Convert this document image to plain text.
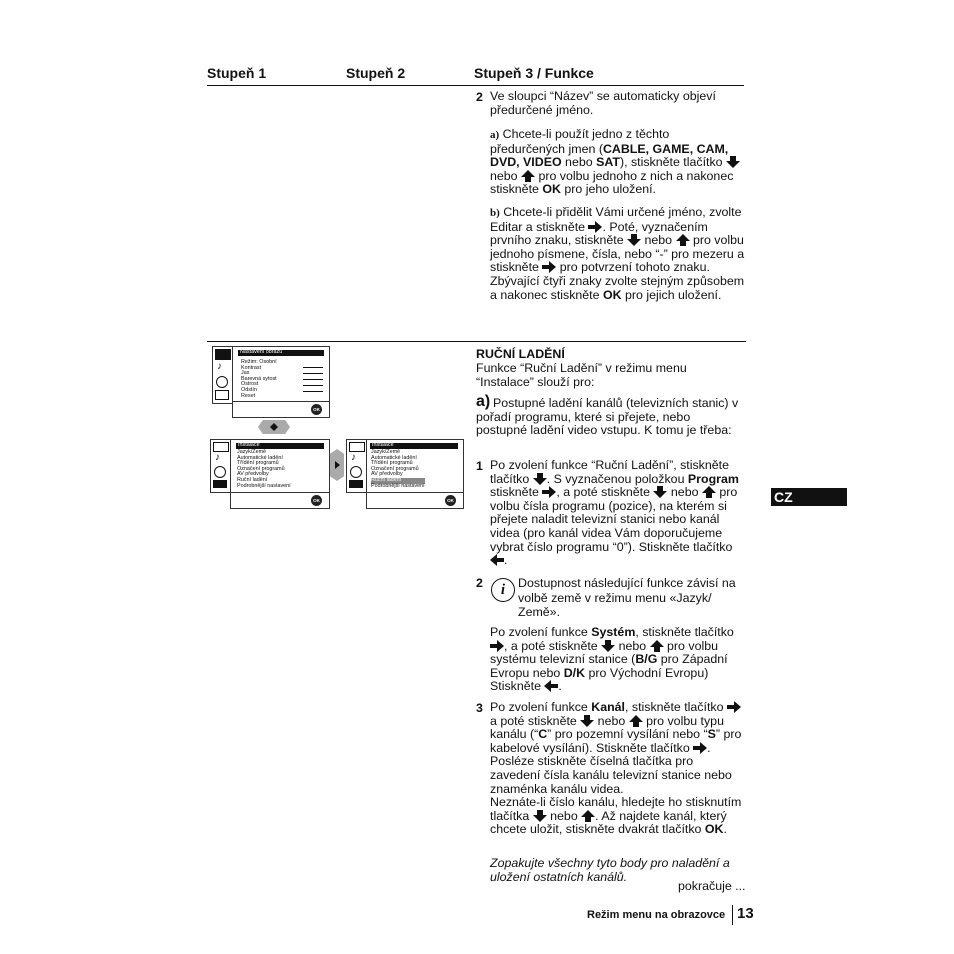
Stupeň 1	Stupeň 2	Stupeň 3 / Funkce
2 Ve sloupci “Název” se automaticky objeví předurčené jméno.
a) Chcete-li použít jedno z těchto předurčených jmen (CABLE, GAME, CAM, DVD, VIDEO nebo SAT), stiskněte tlačítko  nebo  pro volbu jednoho z nich a nakonec stiskněte OK pro jeho uložení.
b) Chcete-li přidělit Vámi určené jméno, zvolte Editar a stiskněte . Poté, vyznačením prvního znaku, stiskněte  nebo  pro volbu jednoho písmene, čísla, nebo “-” pro mezeru a stiskněte  pro potvrzení tohoto znaku. Zbývající čtyři znaky zvolte stejným způsobem a nakonec stiskněte OK pro jejich uložení.
♪
Nastavení obrazu
Režim: Osobní
Kontrast
Jas
Barevná sytost
Ostrost
Odstín
Reset
OK
♪
Instalace
Jazyk/Země
Automatické ladění
Třídění programů
Označení programů
AV předvolby
Ruční ladění
Podrobnější nastavení
OK
♪
Instalace
Jazyk/Země
Automatické ladění
Třídění programů
Označení programů
AV předvolby
Ruční ladění
Podrobnější nastavení
OK
RUČNÍ LADĚNÍ
Funkce “Ruční Ladění” v režimu menu “Instalace” slouží pro:
a) Postupné ladění kanálů (televizních stanic) v pořadí programu, které si přejete, nebo postupné ladění video vstupu. K tomu je třeba:
1 Po zvolení funkce “Ruční Ladění”, stiskněte tlačítko . S vyznačenou položkou Program stiskněte , a poté stiskněte  nebo  pro volbu čísla programu (pozice), na kterém si přejete naladit televizní stanici nebo kanál videa (pro kanál videa Vám doporučujeme vybrat číslo programu “0”). Stiskněte tlačítko .
2	i	Dostupnost následující funkce závisí na volbě země v režimu menu «Jazyk/ Země».
Po zvolení funkce Systém, stiskněte tlačítko , a poté stiskněte  nebo  pro volbu systému televizní stanice (B/G pro Západní Evropu nebo D/K pro Východní Evropu) Stiskněte .
3 Po zvolení funkce Kanál, stiskněte tlačítko  a poté stiskněte  nebo  pro volbu typu kanálu (“C” pro pozemní vysílání nebo “S” pro kabelové vysílání). Stiskněte tlačítko . Posléze stiskněte číselná tlačítka pro zavedení čísla kanálu televizní stanice nebo znaménka kanálu videa.
Neznáte-li číslo kanálu, hledejte ho stisknutím tlačítka  nebo . Až najdete kanál, který chcete uložit, stiskněte dvakrát tlačítko OK.
Zopakujte všechny tyto body pro naladění a uložení ostatních kanálů.
pokračuje ...
CZ
Režim menu na obrazovce 13
